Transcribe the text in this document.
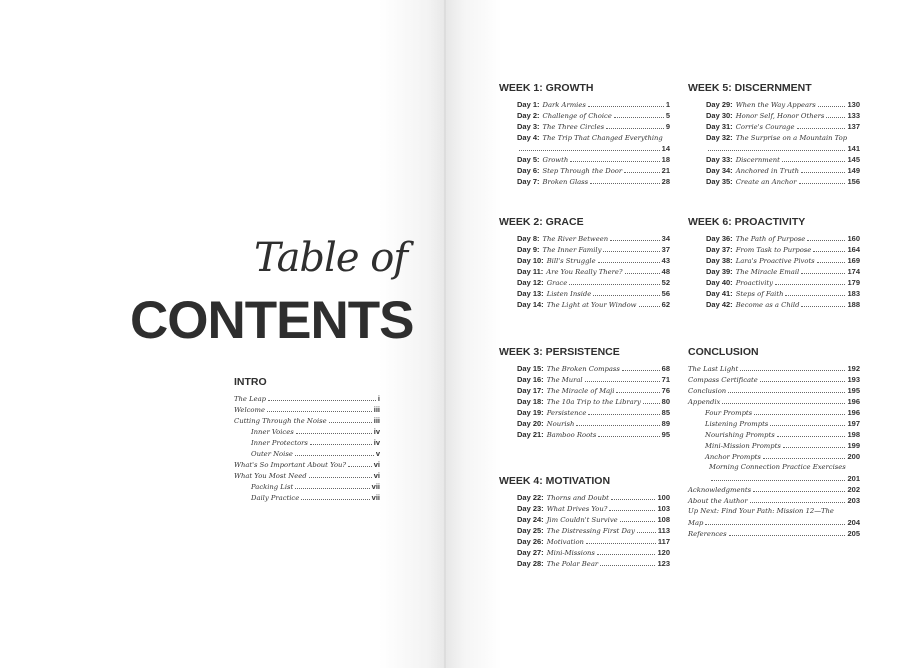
Table of
CONTENTS
INTRO
The Leap	i
Welcome	iii
Cutting Through the Noise	iii
Inner Voices	iv
Inner Protectors	iv
Outer Noise	v
What's So Important About You?	vi
What You Most Need	vi
Packing List	vii
Daily Practice	vii
WEEK 1: GROWTH
Day 1: Dark Armies	1
Day 2: Challenge of Choice	5
Day 3: The Three Circles	9
Day 4: The Trip That Changed Everything
14
Day 5: Growth	18
Day 6: Step Through the Door	21
Day 7: Broken Glass	28
WEEK 2: GRACE
Day 8: The River Between	34
Day 9: The Inner Family	37
Day 10: Bill's Struggle	43
Day 11: Are You Really There?	48
Day 12: Grace	52
Day 13: Listen Inside	56
Day 14: The Light at Your Window	62
WEEK 3: PERSISTENCE
Day 15: The Broken Compass	68
Day 16: The Mural	71
Day 17: The Miracle of Maji	76
Day 18: The 10a Trip to the Library	80
Day 19: Persistence	85
Day 20: Nourish	89
Day 21: Bamboo Roots	95
WEEK 4: MOTIVATION
Day 22: Thorns and Doubt	100
Day 23: What Drives You?	103
Day 24: Jim Couldn't Survive	108
Day 25: The Distressing First Day	113
Day 26: Motivation	117
Day 27: Mini-Missions	120
Day 28: The Polar Bear	123
WEEK 5: DISCERNMENT
Day 29: When the Way Appears	130
Day 30: Honor Self, Honor Others	133
Day 31: Corrie's Courage	137
Day 32: The Surprise on a Mountain Top
141
Day 33: Discernment	145
Day 34: Anchored in Truth	149
Day 35: Create an Anchor	156
WEEK 6: PROACTIVITY
Day 36: The Path of Purpose	160
Day 37: From Task to Purpose	164
Day 38: Lara's Proactive Pivots	169
Day 39: The Miracle Email	174
Day 40: Proactivity	179
Day 41: Steps of Faith	183
Day 42: Become as a Child	188
CONCLUSION
The Last Light	192
Compass Certificate	193
Conclusion	195
Appendix	196
Four Prompts	196
Listening Prompts	197
Nourishing Prompts	198
Mini-Mission Prompts	199
Anchor Prompts	200
Morning Connection Practice Exercises
201
Acknowledgments	202
About the Author	203
Up Next: Find Your Path: Mission 12—The
Map	204
References	205
